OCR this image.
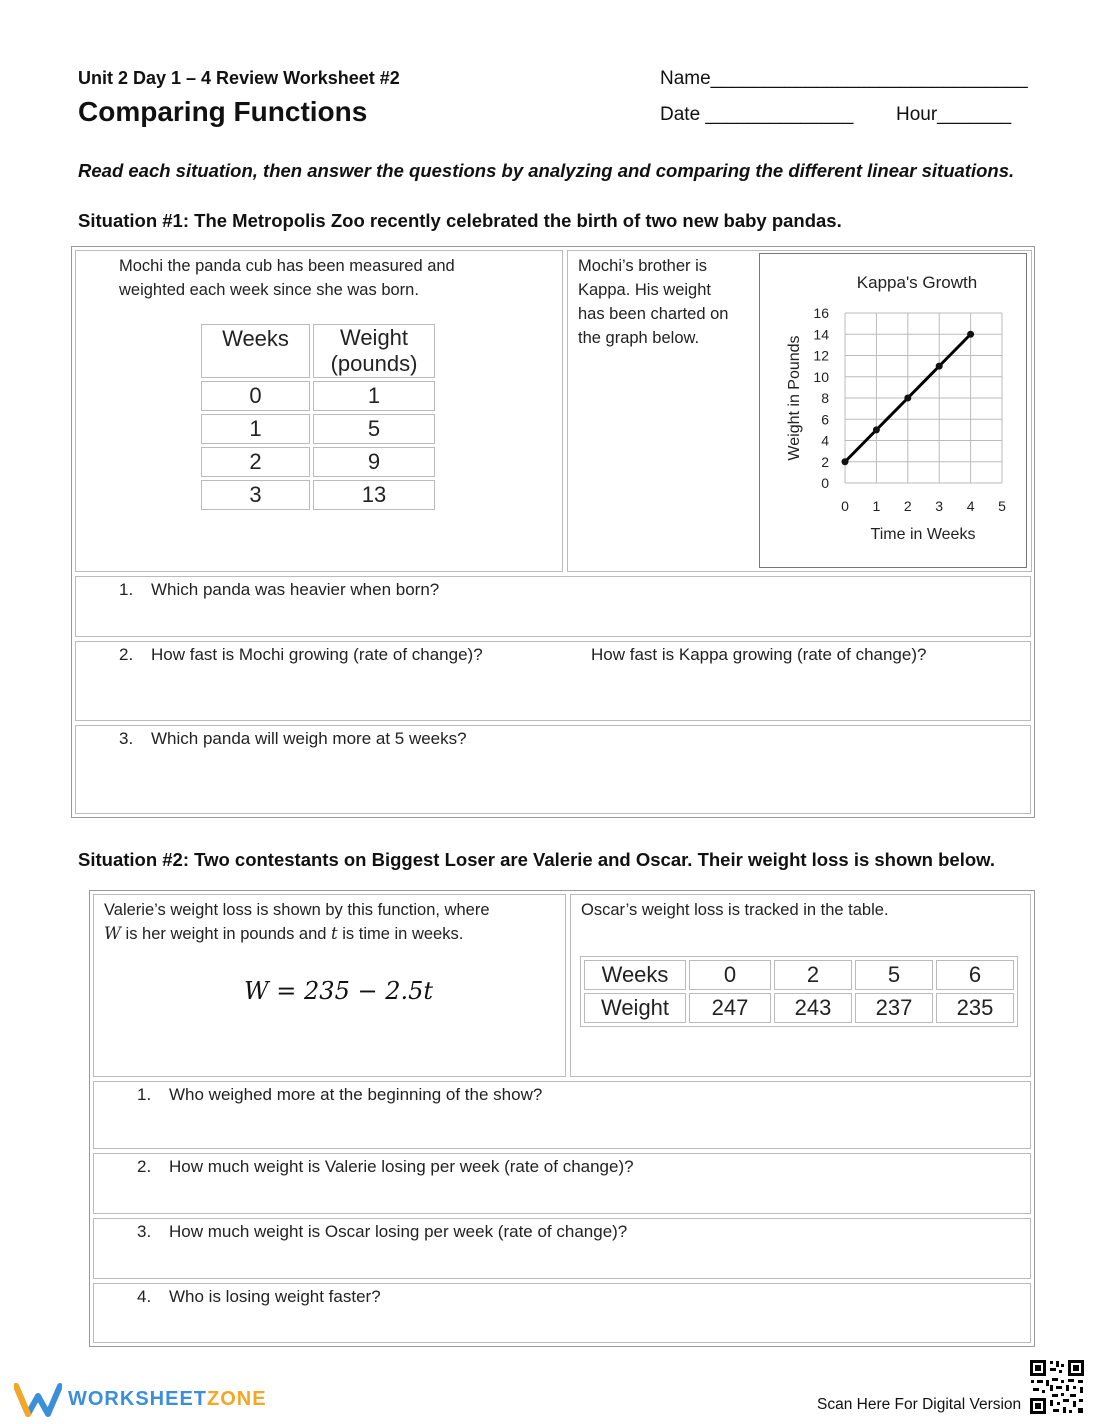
Unit 2 Day 1 – 4 Review Worksheet #2
Comparing Functions
Name______________________________
Date ______________ Hour_______
Read each situation, then answer the questions by analyzing and comparing the different linear situations.
Situation #1: The Metropolis Zoo recently celebrated the birth of two new baby pandas.
Mochi the panda cub has been measured and
weighted each week since she was born.
Weeks	Weight
(pounds)

0	1
1	5
2	9
3	13
Mochi’s brother is
Kappa. His weight
has been charted on
the graph below.
Kappa's Growth
Weight in Pounds
Time in Weeks
0
2
4
6
8
10
12
14
16
0 1 2 3 4 5
1. Which panda was heavier when born?
2. How fast is Mochi growing (rate of change)?	How fast is Kappa growing (rate of change)?
3. Which panda will weigh more at 5 weeks?
Situation #2: Two contestants on Biggest Loser are Valerie and Oscar. Their weight loss is shown below.
Valerie’s weight loss is shown by this function, where
W is her weight in pounds and t is time in weeks.
W = 235 − 2.5t
Oscar’s weight loss is tracked in the table.
Weeks	0	2	5	6
Weight	247	243	237	235
1. Who weighed more at the beginning of the show?
2. How much weight is Valerie losing per week (rate of change)?
3. How much weight is Oscar losing per week (rate of change)?
4. Who is losing weight faster?
WORKSHEETZONE	Scan Here For Digital Version
